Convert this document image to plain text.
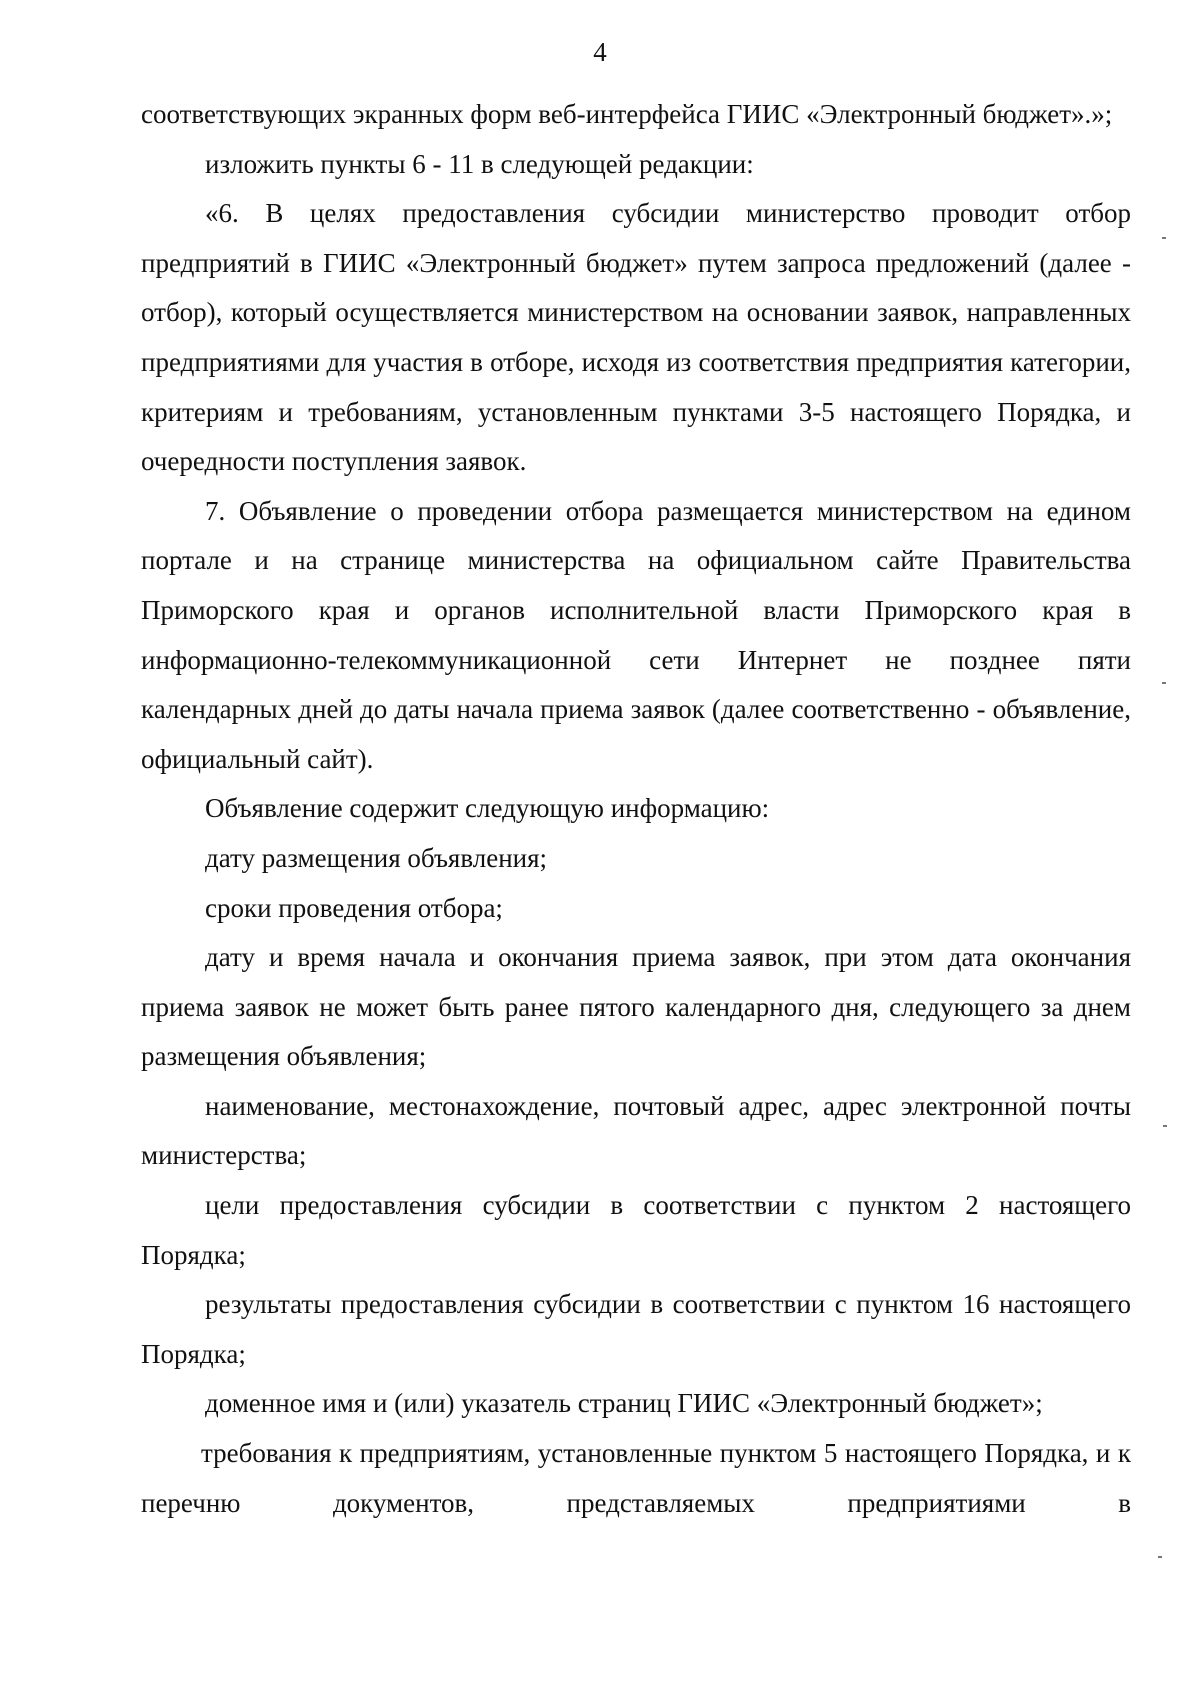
4

соответствующих экранных форм веб-интерфейса ГИИС «Электронный бюджет».»;

изложить пункты 6 - 11 в следующей редакции:

«6. В целях предоставления субсидии министерство проводит отбор предприятий в ГИИС «Электронный бюджет» путем запроса предложений (далее - отбор), который осуществляется министерством на основании заявок, направленных предприятиями для участия в отборе, исходя из соответствия предприятия категории, критериям и требованиям, установленным пунктами 3-5 настоящего Порядка, и очередности поступления заявок.

7. Объявление о проведении отбора размещается министерством на едином портале и на странице министерства на официальном сайте Правительства Приморского края и органов исполнительной власти Приморского края в информационно-телекоммуникационной сети Интернет не позднее пяти календарных дней до даты начала приема заявок (далее соответственно - объявление, официальный сайт).

Объявление содержит следующую информацию:

дату размещения объявления;

сроки проведения отбора;

дату и время начала и окончания приема заявок, при этом дата окончания приема заявок не может быть ранее пятого календарного дня, следующего за днем размещения объявления;

наименование, местонахождение, почтовый адрес, адрес электронной почты министерства;

цели предоставления субсидии в соответствии с пунктом 2 настоящего Порядка;

результаты предоставления субсидии в соответствии с пунктом 16 настоящего Порядка;

доменное имя и (или) указатель страниц ГИИС «Электронный бюджет»;

требования к предприятиям, установленные пунктом 5 настоящего Порядка, и к перечню документов, представляемых предприятиями в
